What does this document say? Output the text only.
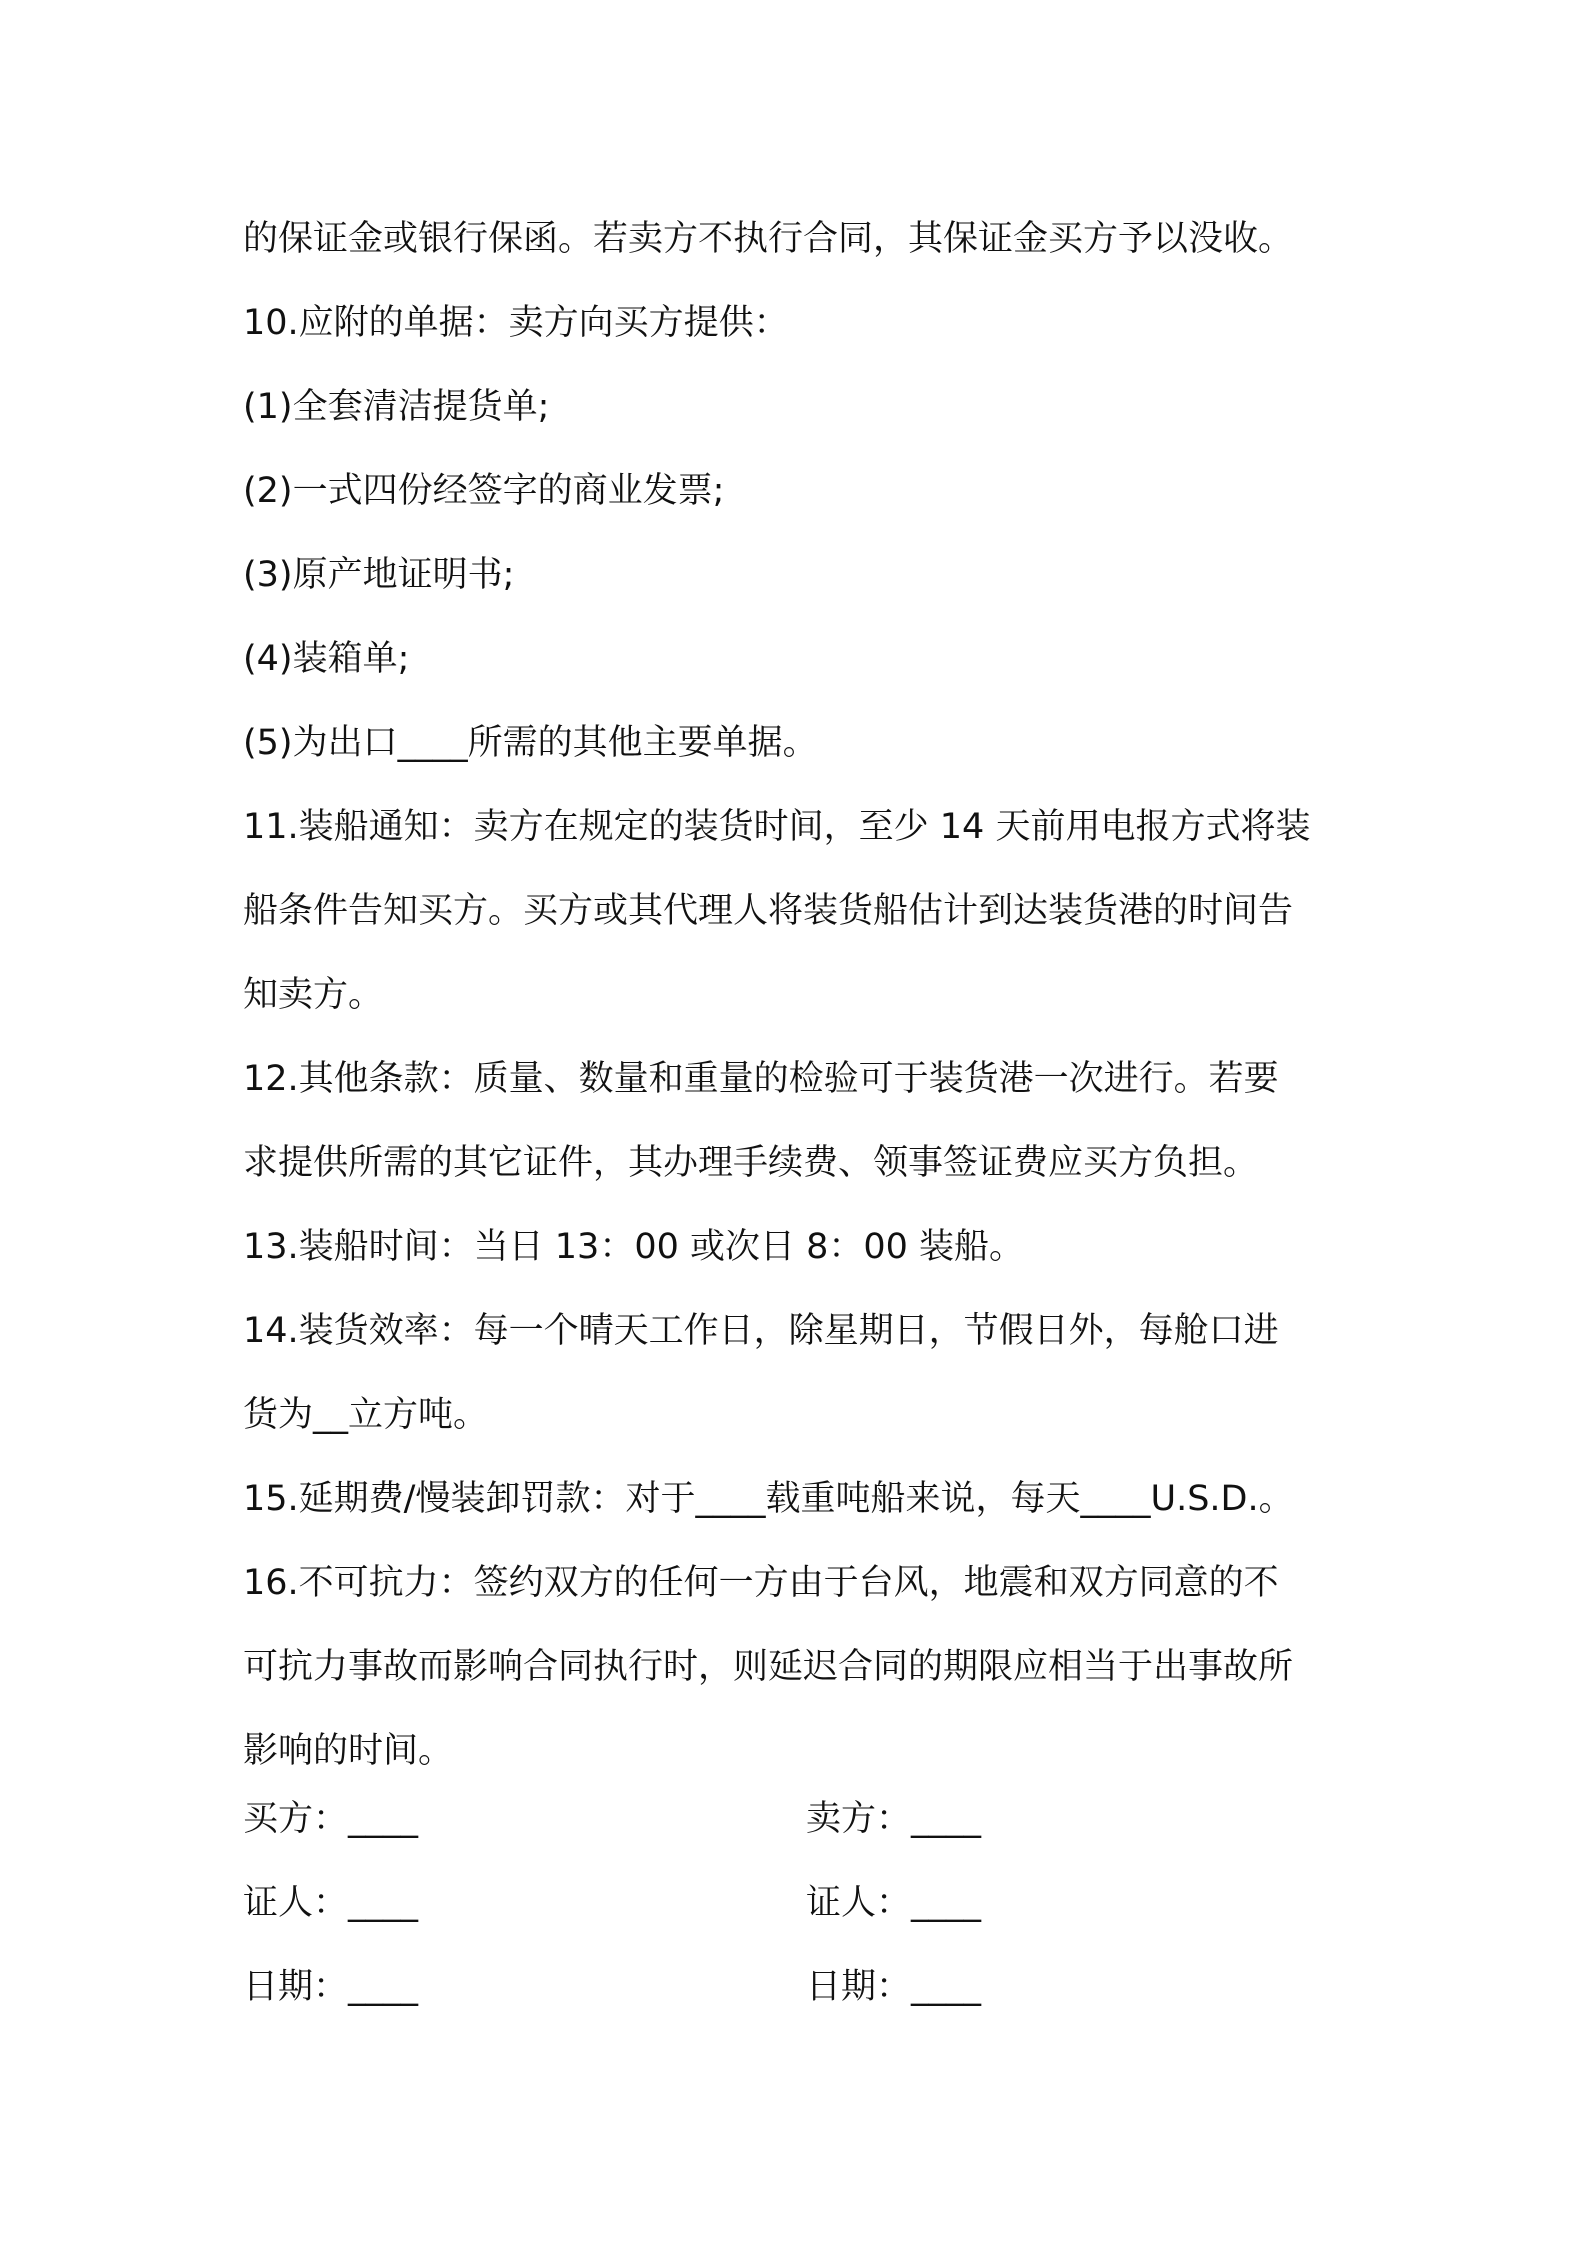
的保证金或银行保函。若卖方不执行合同，其保证金买方予以没收。
10.应附的单据：卖方向买方提供：
(1)全套清洁提货单;
(2)一式四份经签字的商业发票;
(3)原产地证明书;
(4)装箱单;
(5)为出口____所需的其他主要单据。
11.装船通知：卖方在规定的装货时间，至少 14 天前用电报方式将装
船条件告知买方。买方或其代理人将装货船估计到达装货港的时间告
知卖方。
12.其他条款：质量、数量和重量的检验可于装货港一次进行。若要
求提供所需的其它证件，其办理手续费、领事签证费应买方负担。
13.装船时间：当日 13：00 或次日 8：00 装船。
14.装货效率：每一个晴天工作日，除星期日，节假日外，每舱口进
货为__立方吨。
15.延期费/慢装卸罚款：对于____载重吨船来说，每天____U.S.D.。
16.不可抗力：签约双方的任何一方由于台风，地震和双方同意的不
可抗力事故而影响合同执行时，则延迟合同的期限应相当于出事故所
影响的时间。
买方：____	卖方：____
证人：____	证人：____
日期：____	日期：____
